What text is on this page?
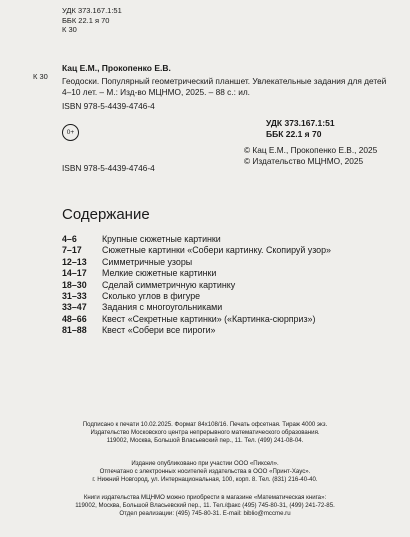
УДК 373.167.1:51
ББК 22.1 я 70
К 30
К 30
Кац Е.М., Прокопенко Е.В.
Геодоски. Популярный геометрический планшет. Увлекательные задания для детей 4–10 лет. – М.: Изд-во МЦНМО, 2025. – 88 с.: ил.
ISBN 978-5-4439-4746-4
0+
УДК 373.167.1:51
ББК 22.1 я 70
© Кац Е.М., Прокопенко Е.В., 2025
© Издательство МЦНМО, 2025
ISBN 978-5-4439-4746-4
Содержание
4–6	Крупные сюжетные картинки
7–17	Сюжетные картинки «Собери картинку. Скопируй узор»
12–13	Симметричные узоры
14–17	Мелкие сюжетные картинки
18–30	Сделай симметричную картинку
31–33	Сколько углов в фигуре
33–47	Задания с многоугольниками
48–66	Квест «Секретные картинки» («Картинка-сюрприз»)
81–88	Квест «Собери все пироги»
Подписано к печати 10.02.2025. Формат 84х108/16. Печать офсетная. Тираж 4000 экз.
Издательство Московского центра непрерывного математического образования.
119002, Москва, Большой Власьевский пер., 11. Тел. (499) 241-08-04.
Издание опубликовано при участии ООО «Пиксел».
Отпечатано с электронных носителей издательства в ООО «Принт-Хаус».
г. Нижний Новгород, ул. Интернациональная, 100, корп. 8. Тел. (831) 216-40-40.
Книги издательства МЦНМО можно приобрести в магазине «Математическая книга»:
119002, Москва, Большой Власьевский пер., 11. Тел./факс (495) 745-80-31, (499) 241-72-85.
Отдел реализации: (495) 745-80-31. E-mail: biblio@mccme.ru
